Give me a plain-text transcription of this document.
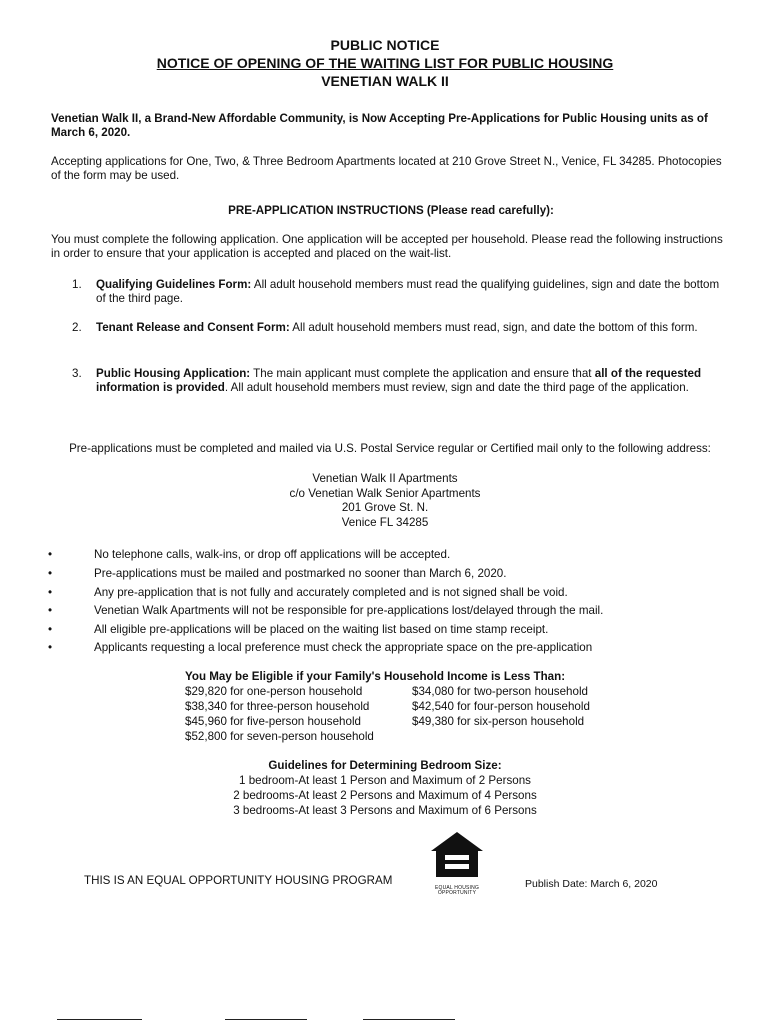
PUBLIC NOTICE
NOTICE OF OPENING OF THE WAITING LIST FOR PUBLIC HOUSING
VENETIAN WALK II
Venetian Walk II, a Brand-New Affordable Community, is Now Accepting Pre-Applications for Public Housing units as of March 6, 2020.
Accepting applications for One, Two, & Three Bedroom Apartments located at 210 Grove Street N., Venice, FL 34285. Photocopies of the form may be used.
PRE-APPLICATION INSTRUCTIONS (Please read carefully):
You must complete the following application. One application will be accepted per household. Please read the following instructions in order to ensure that your application is accepted and placed on the wait-list.
1.	Qualifying Guidelines Form: All adult household members must read the qualifying guidelines, sign and date the bottom of the third page.
2.	Tenant Release and Consent Form: All adult household members must read, sign, and date the bottom of this form.
3.	Public Housing Application: The main applicant must complete the application and ensure that all of the requested information is provided. All adult household members must review, sign and date the third page of the application.
Pre-applications must be completed and mailed via U.S. Postal Service regular or Certified mail only to the following address:
Venetian Walk II Apartments
c/o Venetian Walk Senior Apartments
201 Grove St. N.
Venice FL 34285
•	No telephone calls, walk-ins, or drop off applications will be accepted.
•	Pre-applications must be mailed and postmarked no sooner than March 6, 2020.
•	Any pre-application that is not fully and accurately completed and is not signed shall be void.
•	Venetian Walk Apartments will not be responsible for pre-applications lost/delayed through the mail.
•	All eligible pre-applications will be placed on the waiting list based on time stamp receipt.
•	Applicants requesting a local preference must check the appropriate space on the pre-application
You May be Eligible if your Family's Household Income is Less Than:
$29,820 for one-person household	$34,080 for two-person household
$38,340 for three-person household	$42,540 for four-person household
$45,960 for five-person household	$49,380 for six-person household
$52,800 for seven-person household
Guidelines for Determining Bedroom Size:
1 bedroom-At least 1 Person and Maximum of 2 Persons
2 bedrooms-At least 2 Persons and Maximum of 4 Persons
3 bedrooms-At least 3 Persons and Maximum of 6 Persons
THIS IS AN EQUAL OPPORTUNITY HOUSING PROGRAM
EQUAL HOUSING OPPORTUNITY
Publish Date: March 6, 2020
